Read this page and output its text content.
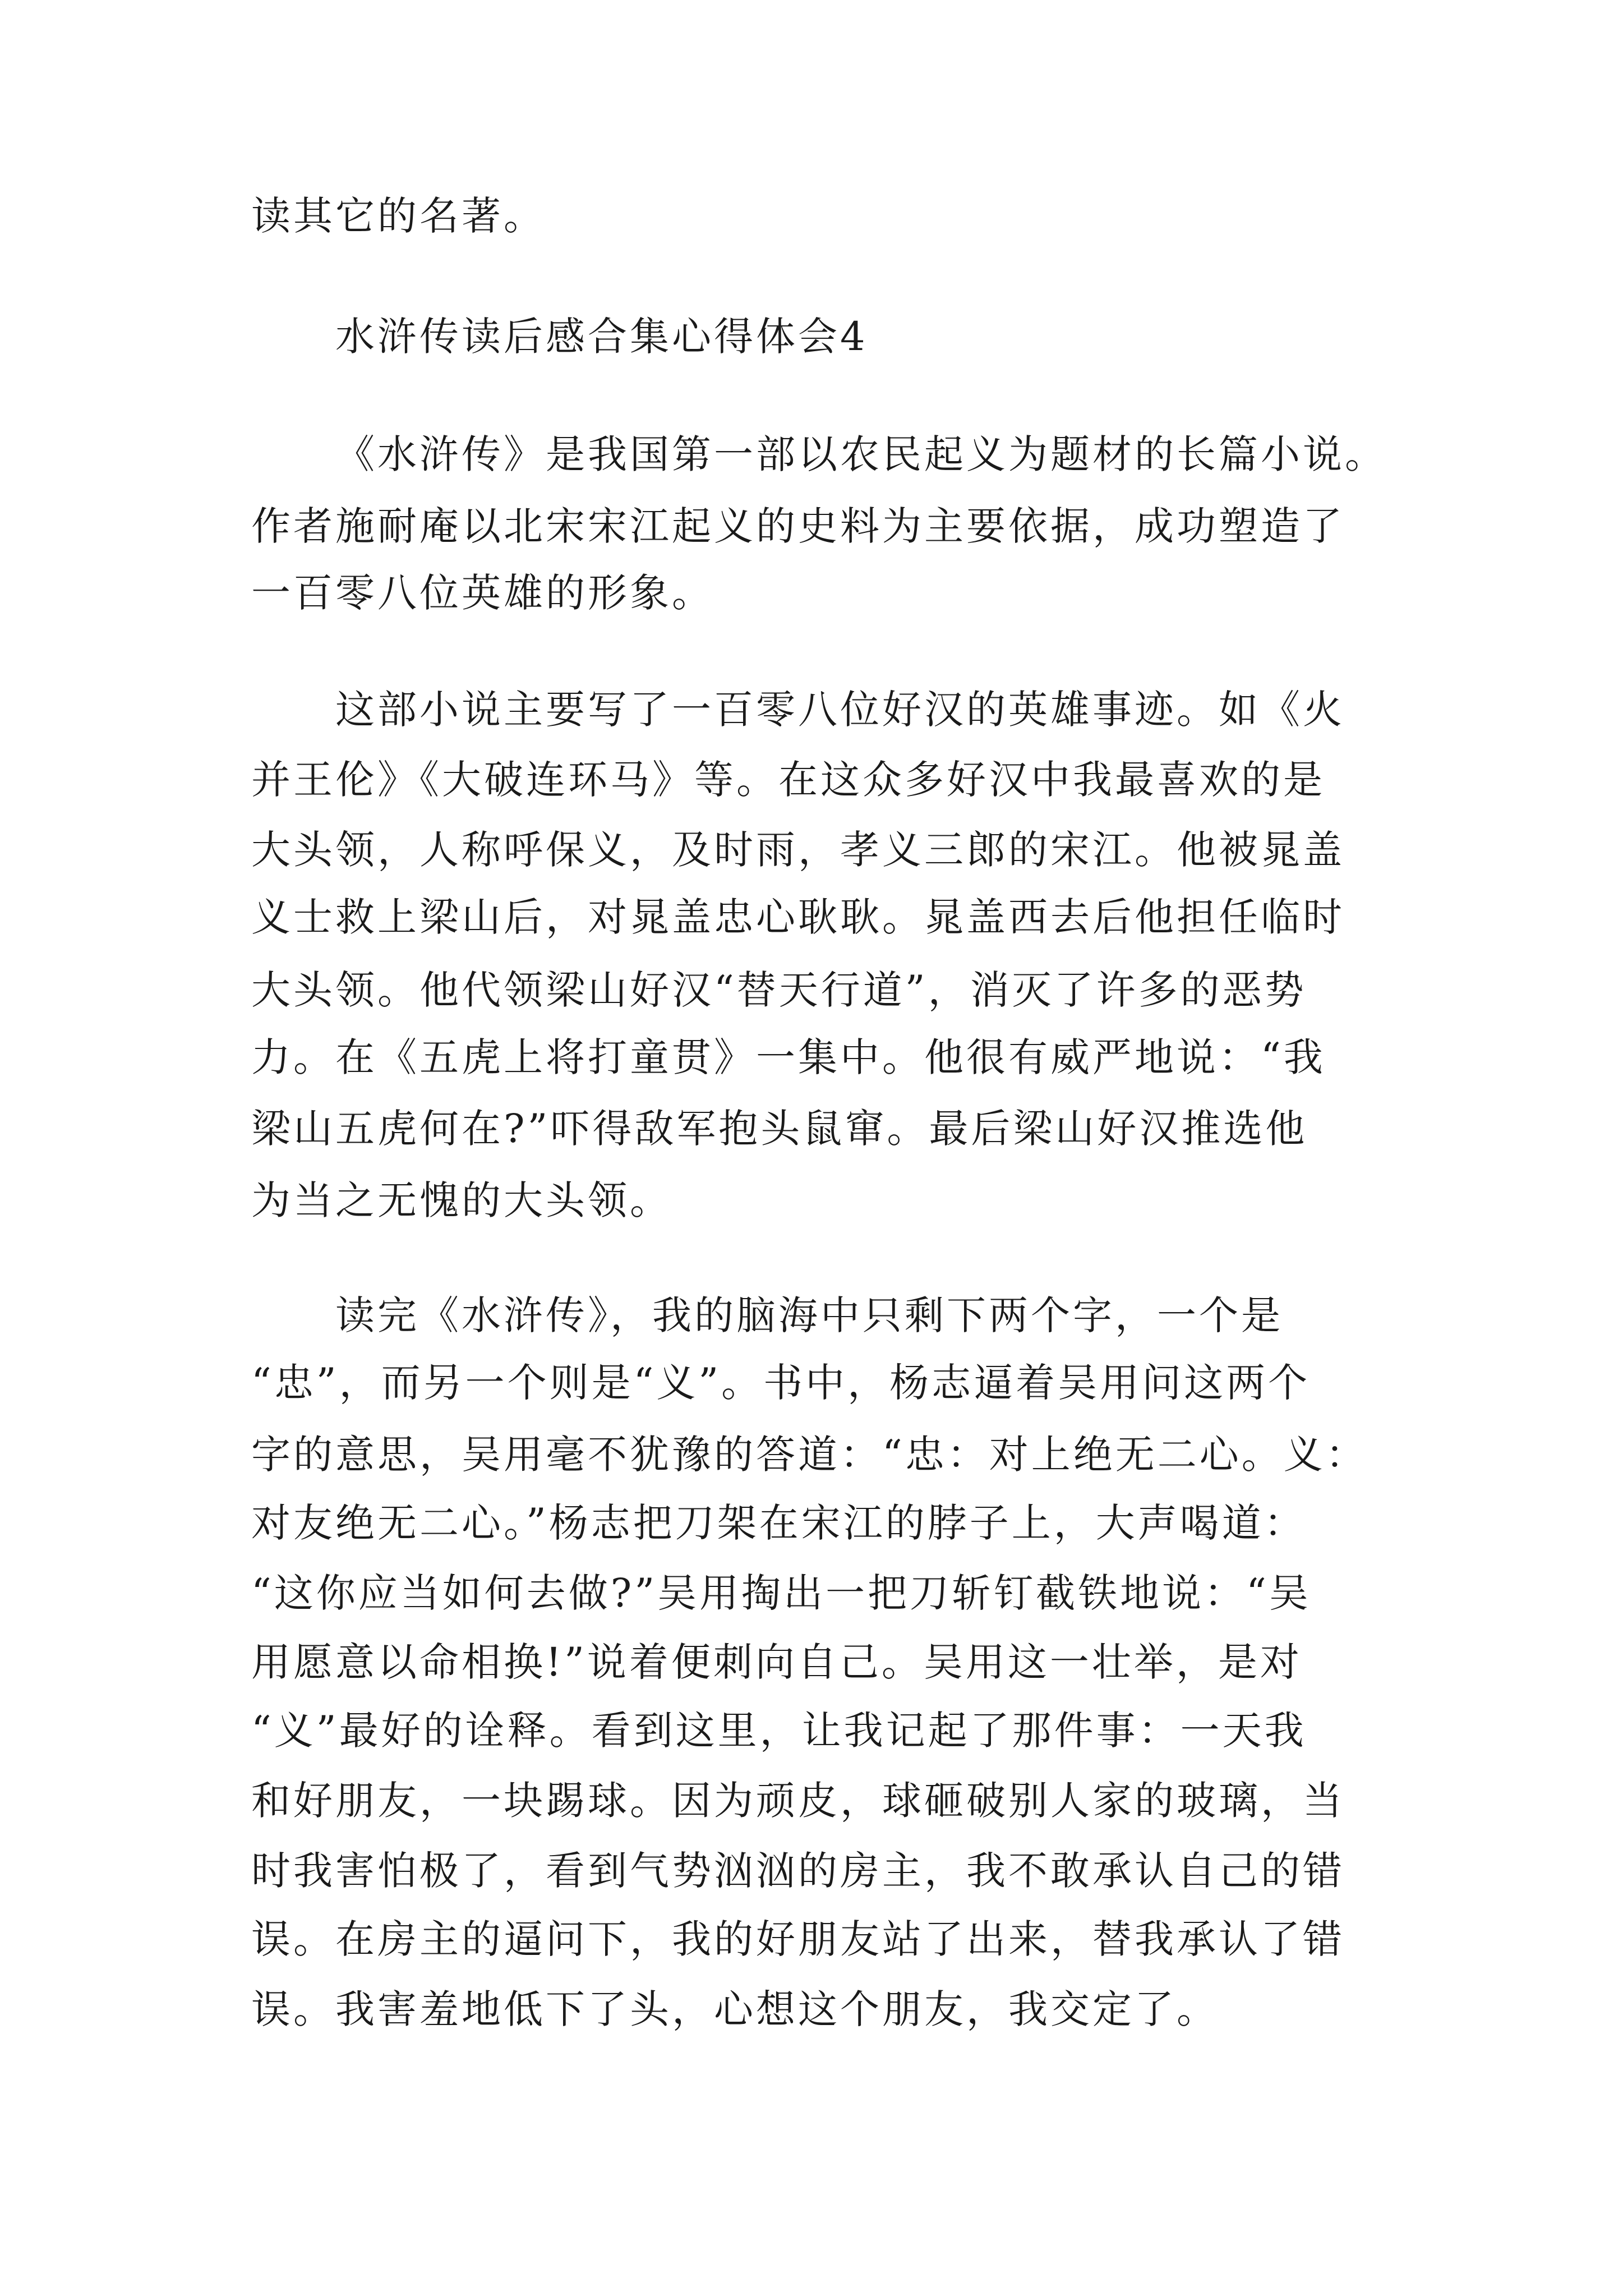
读其它的名著。
水浒传读后感合集心得体会4
《水浒传》是我国第一部以农民起义为题材的长篇小说。
作者施耐庵以北宋宋江起义的史料为主要依据，成功塑造了
一百零八位英雄的形象。
这部小说主要写了一百零八位好汉的英雄事迹。如《火
并王伦》《大破连环马》等。在这众多好汉中我最喜欢的是
大头领，人称呼保义，及时雨，孝义三郎的宋江。他被晁盖
义士救上梁山后，对晁盖忠心耿耿。晁盖西去后他担任临时
大头领。他代领梁山好汉“替天行道”，消灭了许多的恶势
力。在《五虎上将打童贯》一集中。他很有威严地说：“我
梁山五虎何在?”吓得敌军抱头鼠窜。最后梁山好汉推选他
为当之无愧的大头领。
读完《水浒传》，我的脑海中只剩下两个字，一个是
“忠”，而另一个则是“义”。书中，杨志逼着吴用问这两个
字的意思，吴用毫不犹豫的答道：“忠：对上绝无二心。义：
对友绝无二心。”杨志把刀架在宋江的脖子上，大声喝道：
“这你应当如何去做?”吴用掏出一把刀斩钉截铁地说：“吴
用愿意以命相换!”说着便刺向自己。吴用这一壮举，是对
“义”最好的诠释。看到这里，让我记起了那件事：一天我
和好朋友，一块踢球。因为顽皮，球砸破别人家的玻璃，当
时我害怕极了，看到气势汹汹的房主，我不敢承认自己的错
误。在房主的逼问下，我的好朋友站了出来，替我承认了错
误。我害羞地低下了头，心想这个朋友，我交定了。
